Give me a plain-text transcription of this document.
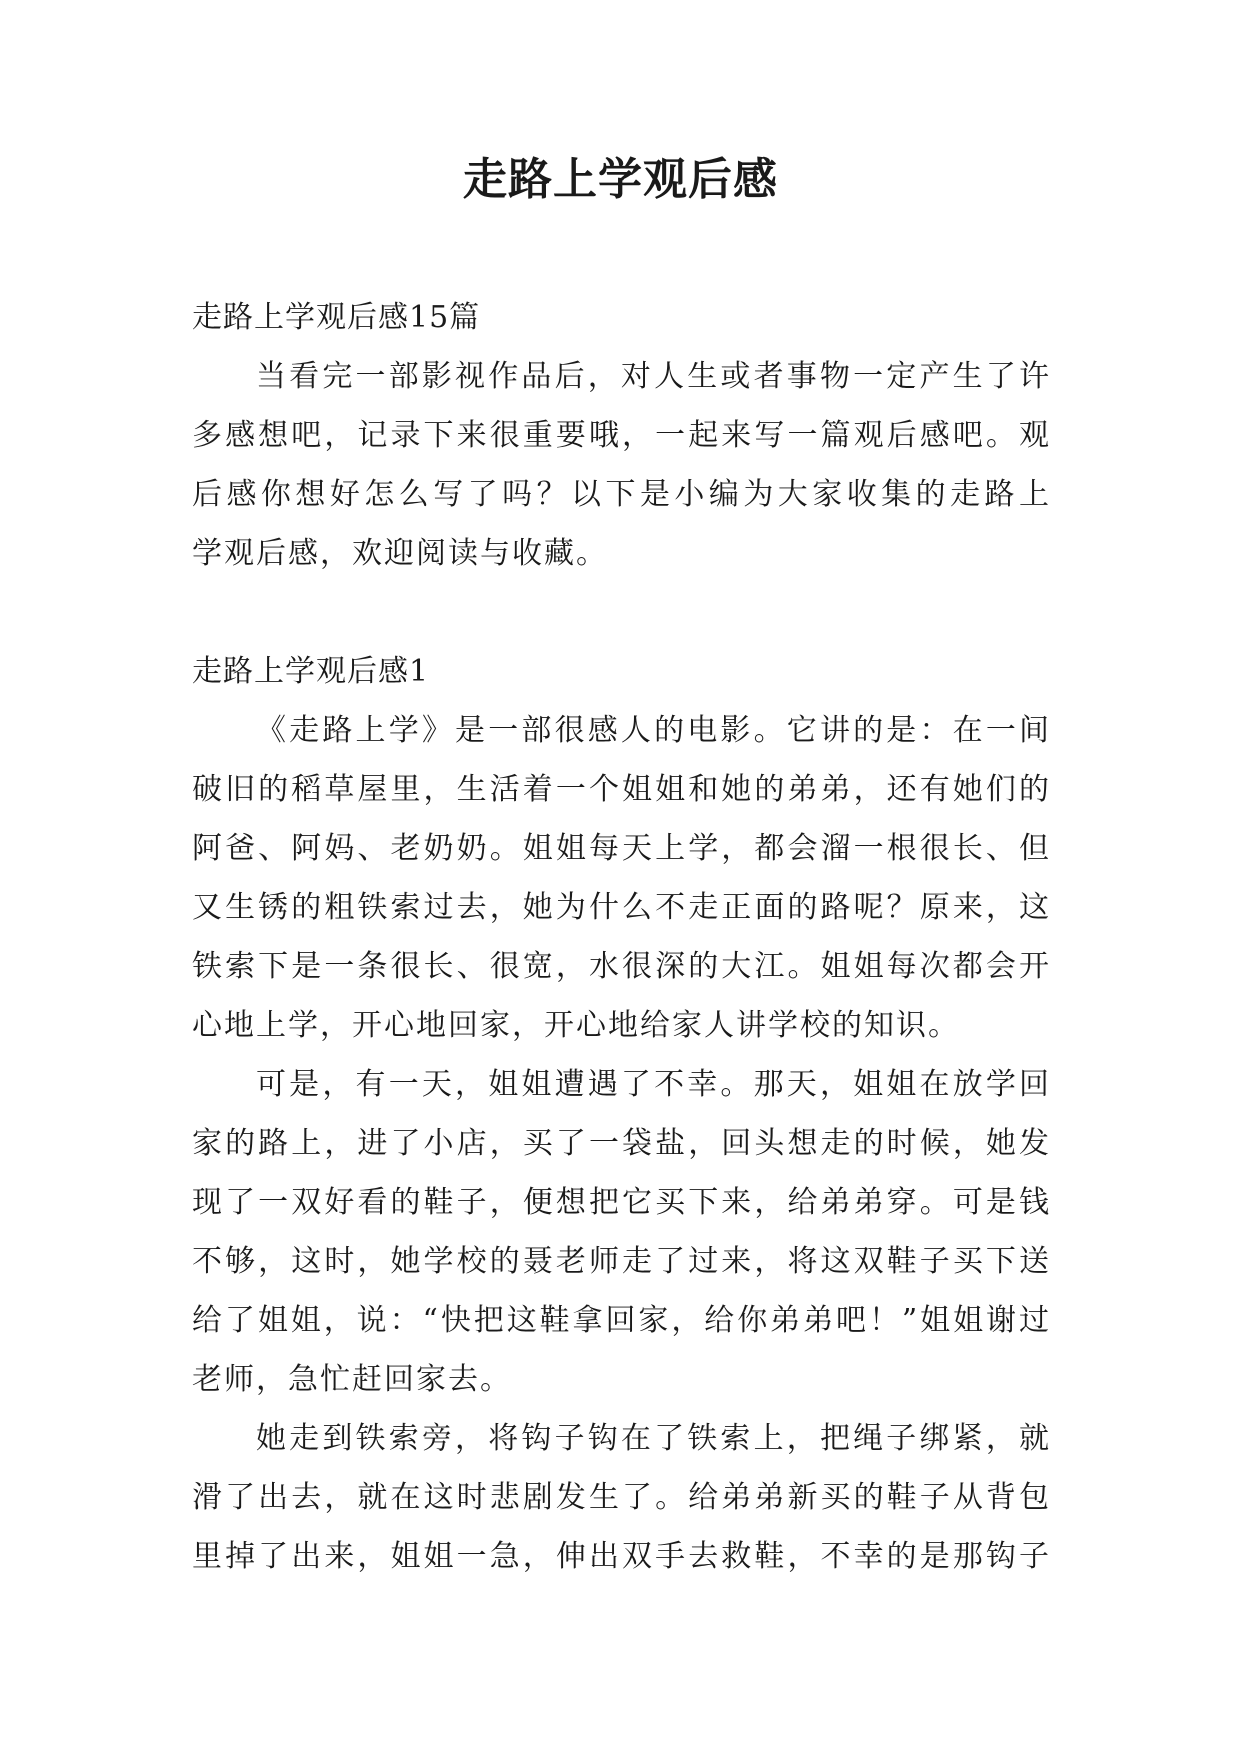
走路上学观后感

走路上学观后感15篇

当看完一部影视作品后，对人生或者事物一定产生了许

多感想吧，记录下来很重要哦，一起来写一篇观后感吧。观

后感你想好怎么写了吗？以下是小编为大家收集的走路上

学观后感，欢迎阅读与收藏。

走路上学观后感1

《走路上学》是一部很感人的电影。它讲的是：在一间

破旧的稻草屋里，生活着一个姐姐和她的弟弟，还有她们的

阿爸、阿妈、老奶奶。姐姐每天上学，都会溜一根很长、但

又生锈的粗铁索过去，她为什么不走正面的路呢？原来，这

铁索下是一条很长、很宽，水很深的大江。姐姐每次都会开

心地上学，开心地回家，开心地给家人讲学校的知识。

可是，有一天，姐姐遭遇了不幸。那天，姐姐在放学回

家的路上，进了小店，买了一袋盐，回头想走的时候，她发

现了一双好看的鞋子，便想把它买下来，给弟弟穿。可是钱

不够，这时，她学校的聂老师走了过来，将这双鞋子买下送

给了姐姐，说：“快把这鞋拿回家，给你弟弟吧！”姐姐谢过

老师，急忙赶回家去。

她走到铁索旁，将钩子钩在了铁索上，把绳子绑紧，就

滑了出去，就在这时悲剧发生了。给弟弟新买的鞋子从背包

里掉了出来，姐姐一急，伸出双手去救鞋，不幸的是那钩子
